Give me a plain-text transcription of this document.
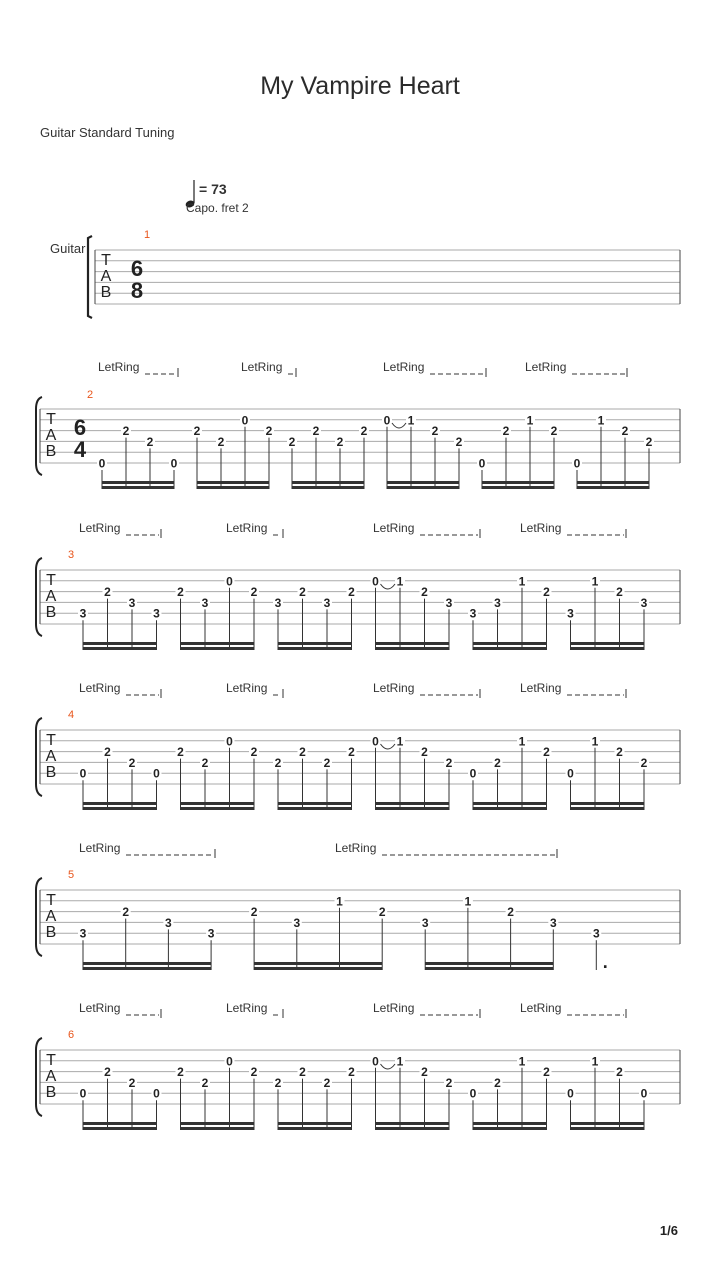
My Vampire Heart
Guitar Standard Tuning
= 73
Capo. fret 2
T
A
B
Guitar
1
6
8
T
A
B
2
6
4
LetRing	LetRing	LetRing	LetRing
0
2
2
0
2
2
0
2
2
2
2
2
0 1
2
2
0
2
1
2
0
1
2
2
T
A
B
3
LetRing	LetRing	LetRing	LetRing
3
2
3
3
2
3
0
2
3
2
3
2
0 1
2
3
3
3
1
2
3
1
2
3
T
A
B
4
LetRing	LetRing	LetRing	LetRing
0
2
2
0
2
2
0
2
2
2
2
2
0 1
2
2
0
2
1
2
0
1
2
2
T
A
B
5
LetRing	LetRing
3
2
3
3
2
3
1
2
3
1
2
3
3
.
T
A
B
6
LetRing	LetRing	LetRing	LetRing
0
2
2
0
2
2
0
2
2
2
2
2
0 1
2
2
0
2
1
2
0
1
2
0
1/6
